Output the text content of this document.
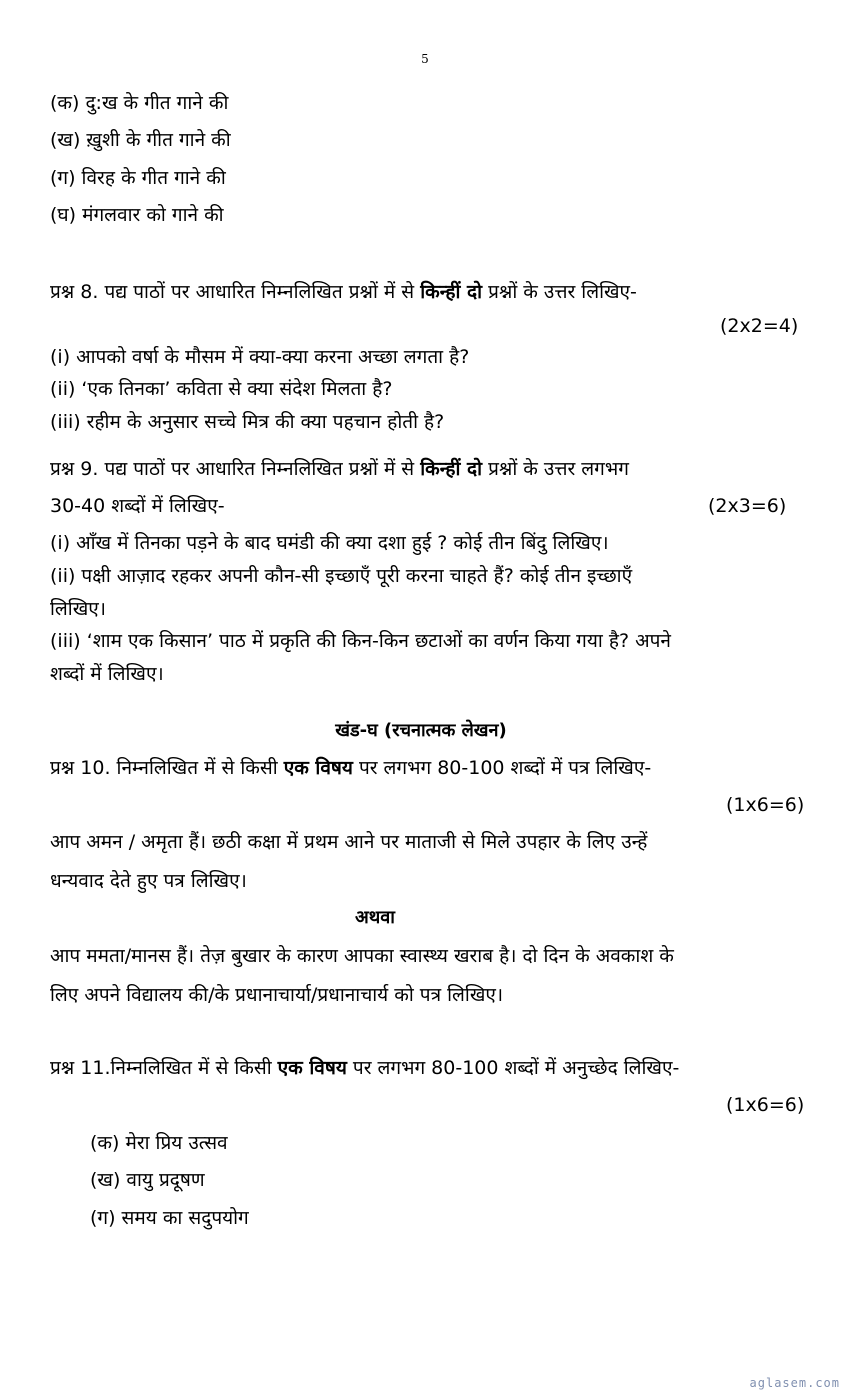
5
(क) दु:ख के गीत गाने की
(ख) ख़ुशी के गीत गाने की
(ग) विरह के गीत गाने की
(घ) मंगलवार को गाने की
प्रश्न 8. पद्य पाठों पर आधारित निम्नलिखित प्रश्नों में से किन्हीं दो प्रश्नों के उत्तर लिखिए-
(2x2=4)
(i) आपको वर्षा के मौसम में क्या-क्या करना अच्छा लगता है?
(ii) ‘एक तिनका’ कविता से क्या संदेश मिलता है?
(iii) रहीम के अनुसार सच्चे मित्र की क्या पहचान होती है?
प्रश्न 9. पद्य पाठों पर आधारित निम्नलिखित प्रश्नों में से किन्हीं दो प्रश्नों के उत्तर लगभग
30-40 शब्दों में लिखिए-	(2x3=6)
(i) आँख में तिनका पड़ने के बाद घमंडी की क्या दशा हुई ? कोई तीन बिंदु लिखिए।
(ii) पक्षी आज़ाद रहकर अपनी कौन-सी इच्छाएँ पूरी करना चाहते हैं? कोई तीन इच्छाएँ
लिखिए।
(iii) ‘शाम एक किसान’ पाठ में प्रकृति की किन-किन छटाओं का वर्णन किया गया है? अपने
शब्दों में लिखिए।
खंड-घ (रचनात्मक लेखन)
प्रश्न 10. निम्नलिखित में से किसी एक विषय पर लगभग 80-100 शब्दों में पत्र लिखिए-
(1x6=6)
आप अमन / अमृता हैं। छठी कक्षा में प्रथम आने पर माताजी से मिले उपहार के लिए उन्हें
धन्यवाद देते हुए पत्र लिखिए।
अथवा
आप ममता/मानस हैं। तेज़ बुखार के कारण आपका स्वास्थ्य खराब है। दो दिन के अवकाश के
लिए अपने विद्यालय की/के प्रधानाचार्या/प्रधानाचार्य को पत्र लिखिए।
प्रश्न 11.निम्नलिखित में से किसी एक विषय पर लगभग 80-100 शब्दों में अनुच्छेद लिखिए-
(1x6=6)
(क) मेरा प्रिय उत्सव
(ख) वायु प्रदूषण
(ग) समय का सदुपयोग
aglasem.com
